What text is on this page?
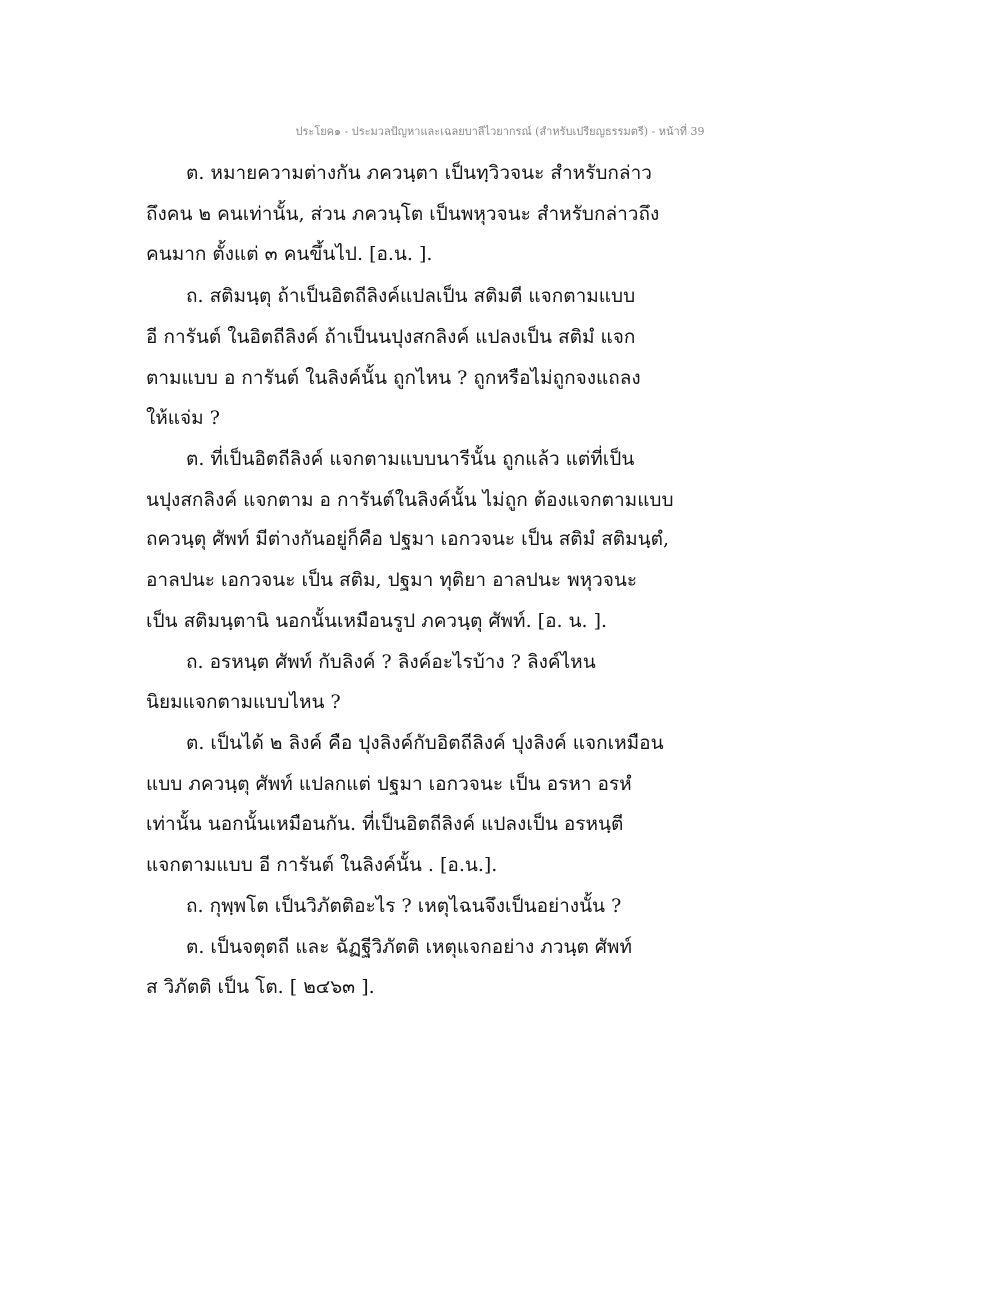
ประโยค๑ - ประมวลปัญหาและเฉลยบาลีไวยากรณ์ (สำหรับเปรียญธรรมตรี) - หน้าที่ 39
ต. หมายความต่างกัน ภควนฺตา เป็นทฺวิวจนะ สำหรับกล่าว
ถึงคน ๒ คนเท่านั้น, ส่วน ภควนฺโต เป็นพหุวจนะ สำหรับกล่าวถึง
คนมาก ตั้งแต่ ๓ คนขึ้นไป. [อ.น. ].
ถ. สติมนฺตุ ถ้าเป็นอิตถีลิงค์แปลเป็น สติมตี แจกตามแบบ
อี การันต์ ในอิตถีลิงค์ ถ้าเป็นนปุงสกลิงค์ แปลงเป็น สติมํ แจก
ตามแบบ อ การันต์ ในลิงค์นั้น ถูกไหน ? ถูกหรือไม่ถูกจงแถลง
ให้แจ่ม ?
ต. ที่เป็นอิตถีลิงค์ แจกตามแบบนารีนั้น ถูกแล้ว แต่ที่เป็น
นปุงสกลิงค์ แจกตาม อ การันต์ในลิงค์นั้น ไม่ถูก ต้องแจกตามแบบ
ถควนฺตุ ศัพท์ มีต่างกันอยู่ก็คือ ปฐมา เอกวจนะ เป็น สติมํ สติมนฺตํ,
อาลปนะ เอกวจนะ เป็น สติม, ปฐมา ทุติยา อาลปนะ พหุวจนะ
เป็น สติมนฺตานิ นอกนั้นเหมือนรูป ภควนฺตุ ศัพท์. [อ. น. ].
ถ. อรหนฺต ศัพท์ กับลิงค์ ? ลิงค์อะไรบ้าง ? ลิงค์ไหน
นิยมแจกตามแบบไหน ?
ต. เป็นได้ ๒ ลิงค์ คือ ปุงลิงค์กับอิตถีลิงค์ ปุงลิงค์ แจกเหมือน
แบบ ภควนฺตุ ศัพท์ แปลกแต่ ปฐมา เอกวจนะ เป็น อรหา อรหํ
เท่านั้น นอกนั้นเหมือนกัน. ที่เป็นอิตถีลิงค์ แปลงเป็น อรหนฺตี
แจกตามแบบ อี การันต์ ในลิงค์นั้น . [อ.น.].
ถ. กุพฺพโต เป็นวิภัตติอะไร ? เหตุไฉนจึงเป็นอย่างนั้น ?
ต. เป็นจตุตถี และ ฉัฏฐีวิภัตติ เหตุแจกอย่าง ภวนฺต ศัพท์
ส วิภัตติ เป็น โต. [ ๒๔๖๓ ].
